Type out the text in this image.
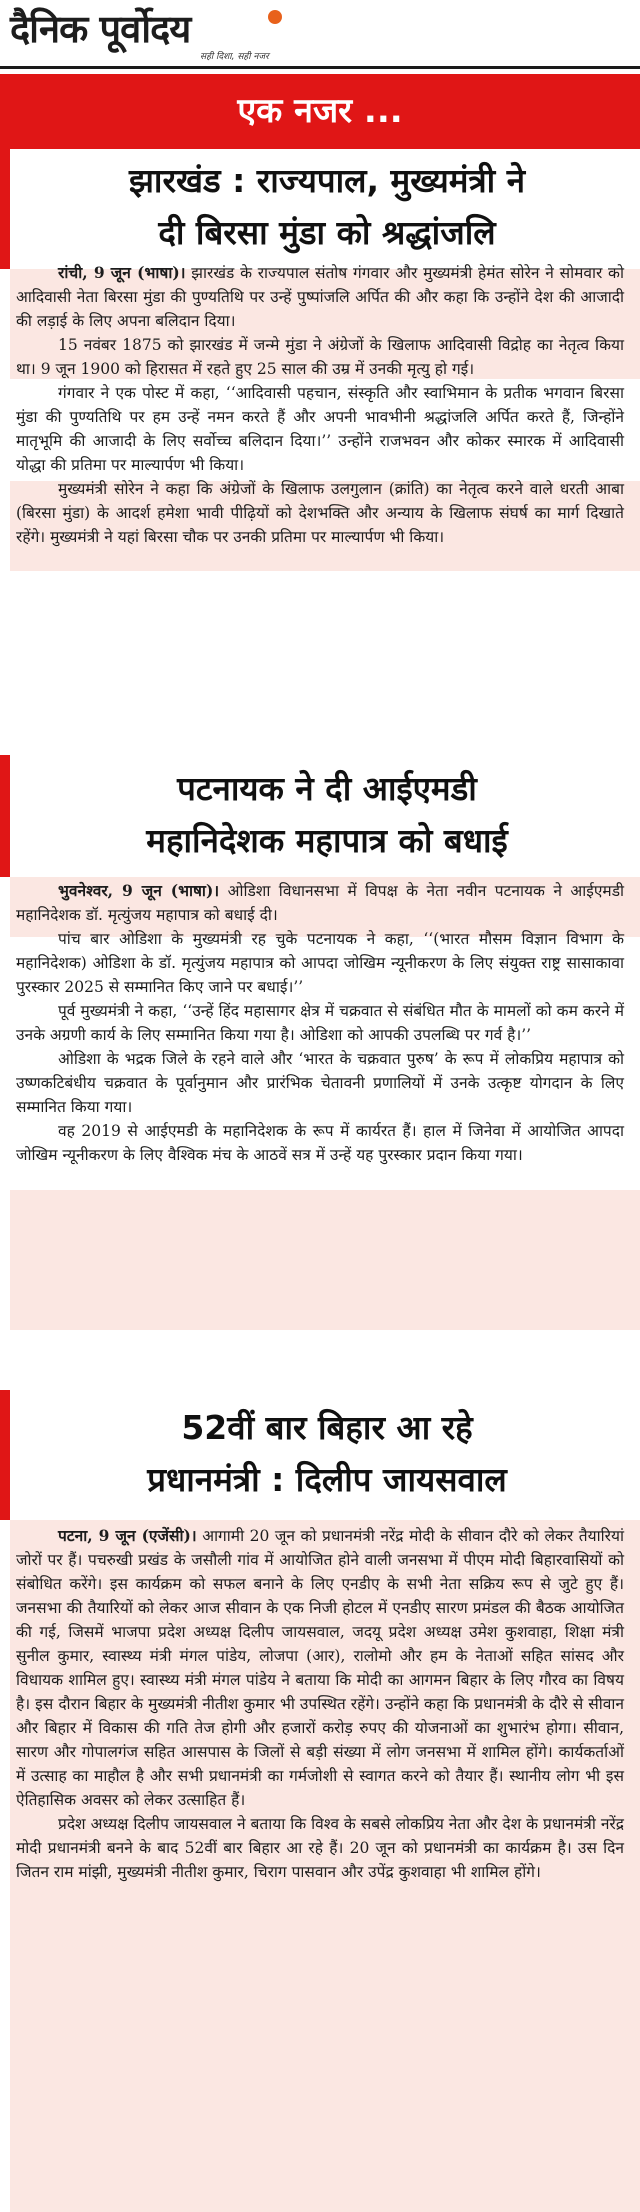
दैनिक पूर्वोदय
सही दिशा, सही नजर
एक नजर ...
झारखंड : राज्यपाल, मुख्यमंत्री ने
दी बिरसा मुंडा को श्रद्धांजलि

रांची, 9 जून (भाषा)। झारखंड के राज्यपाल संतोष गंगवार और मुख्यमंत्री हेमंत सोरेन ने सोमवार को आदिवासी नेता बिरसा मुंडा की पुण्यतिथि पर उन्हें पुष्पांजलि अर्पित की और कहा कि उन्होंने देश की आजादी की लड़ाई के लिए अपना बलिदान दिया।

15 नवंबर 1875 को झारखंड में जन्मे मुंडा ने अंग्रेजों के खिलाफ आदिवासी विद्रोह का नेतृत्व किया था। 9 जून 1900 को हिरासत में रहते हुए 25 साल की उम्र में उनकी मृत्यु हो गई।

गंगवार ने एक पोस्ट में कहा, ‘‘आदिवासी पहचान, संस्कृति और स्वाभिमान के प्रतीक भगवान बिरसा मुंडा की पुण्यतिथि पर हम उन्हें नमन करते हैं और अपनी भावभीनी श्रद्धांजलि अर्पित करते हैं, जिन्होंने मातृभूमि की आजादी के लिए सर्वोच्च बलिदान दिया।’’ उन्होंने राजभवन और कोकर स्मारक में आदिवासी योद्धा की प्रतिमा पर माल्यार्पण भी किया।

मुख्यमंत्री सोरेन ने कहा कि अंग्रेजों के खिलाफ उलगुलान (क्रांति) का नेतृत्व करने वाले धरती आबा (बिरसा मुंडा) के आदर्श हमेशा भावी पीढ़ियों को देशभक्ति और अन्याय के खिलाफ संघर्ष का मार्ग दिखाते रहेंगे। मुख्यमंत्री ने यहां बिरसा चौक पर उनकी प्रतिमा पर माल्यार्पण भी किया।

पटनायक ने दी आईएमडी
महानिदेशक महापात्र को बधाई

भुवनेश्वर, 9 जून (भाषा)। ओडिशा विधानसभा में विपक्ष के नेता नवीन पटनायक ने आईएमडी महानिदेशक डॉ. मृत्युंजय महापात्र को बधाई दी।

पांच बार ओडिशा के मुख्यमंत्री रह चुके पटनायक ने कहा, ‘‘(भारत मौसम विज्ञान विभाग के महानिदेशक) ओडिशा के डॉ. मृत्युंजय महापात्र को आपदा जोखिम न्यूनीकरण के लिए संयुक्त राष्ट्र सासाकावा पुरस्कार 2025 से सम्मानित किए जाने पर बधाई।’’

पूर्व मुख्यमंत्री ने कहा, ‘‘उन्हें हिंद महासागर क्षेत्र में चक्रवात से संबंधित मौत के मामलों को कम करने में उनके अग्रणी कार्य के लिए सम्मानित किया गया है। ओडिशा को आपकी उपलब्धि पर गर्व है।’’

ओडिशा के भद्रक जिले के रहने वाले और ‘भारत के चक्रवात पुरुष’ के रूप में लोकप्रिय महापात्र को उष्णकटिबंधीय चक्रवात के पूर्वानुमान और प्रारंभिक चेतावनी प्रणालियों में उनके उत्कृष्ट योगदान के लिए सम्मानित किया गया।

वह 2019 से आईएमडी के महानिदेशक के रूप में कार्यरत हैं। हाल में जिनेवा में आयोजित आपदा जोखिम न्यूनीकरण के लिए वैश्विक मंच के आठवें सत्र में उन्हें यह पुरस्कार प्रदान किया गया।

52वीं बार बिहार आ रहे
प्रधानमंत्री : दिलीप जायसवाल

पटना, 9 जून (एजेंसी)। आगामी 20 जून को प्रधानमंत्री नरेंद्र मोदी के सीवान दौरे को लेकर तैयारियां जोरों पर हैं। पचरुखी प्रखंड के जसौली गांव में आयोजित होने वाली जनसभा में पीएम मोदी बिहारवासियों को संबोधित करेंगे। इस कार्यक्रम को सफल बनाने के लिए एनडीए के सभी नेता सक्रिय रूप से जुटे हुए हैं। जनसभा की तैयारियों को लेकर आज सीवान के एक निजी होटल में एनडीए सारण प्रमंडल की बैठक आयोजित की गई, जिसमें भाजपा प्रदेश अध्यक्ष दिलीप जायसवाल, जदयू प्रदेश अध्यक्ष उमेश कुशवाहा, शिक्षा मंत्री सुनील कुमार, स्वास्थ्य मंत्री मंगल पांडेय, लोजपा (आर), रालोमो और हम के नेताओं सहित सांसद और विधायक शामिल हुए। स्वास्थ्य मंत्री मंगल पांडेय ने बताया कि मोदी का आगमन बिहार के लिए गौरव का विषय है। इस दौरान बिहार के मुख्यमंत्री नीतीश कुमार भी उपस्थित रहेंगे। उन्होंने कहा कि प्रधानमंत्री के दौरे से सीवान और बिहार में विकास की गति तेज होगी और हजारों करोड़ रुपए की योजनाओं का शुभारंभ होगा। सीवान, सारण और गोपालगंज सहित आसपास के जिलों से बड़ी संख्या में लोग जनसभा में शामिल होंगे। कार्यकर्ताओं में उत्साह का माहौल है और सभी प्रधानमंत्री का गर्मजोशी से स्वागत करने को तैयार हैं। स्थानीय लोग भी इस ऐतिहासिक अवसर को लेकर उत्साहित हैं।

प्रदेश अध्यक्ष दिलीप जायसवाल ने बताया कि विश्व के सबसे लोकप्रिय नेता और देश के प्रधानमंत्री नरेंद्र मोदी प्रधानमंत्री बनने के बाद 52वीं बार बिहार आ रहे हैं। 20 जून को प्रधानमंत्री का कार्यक्रम है। उस दिन जितन राम मांझी, मुख्यमंत्री नीतीश कुमार, चिराग पासवान और उपेंद्र कुशवाहा भी शामिल होंगे।
